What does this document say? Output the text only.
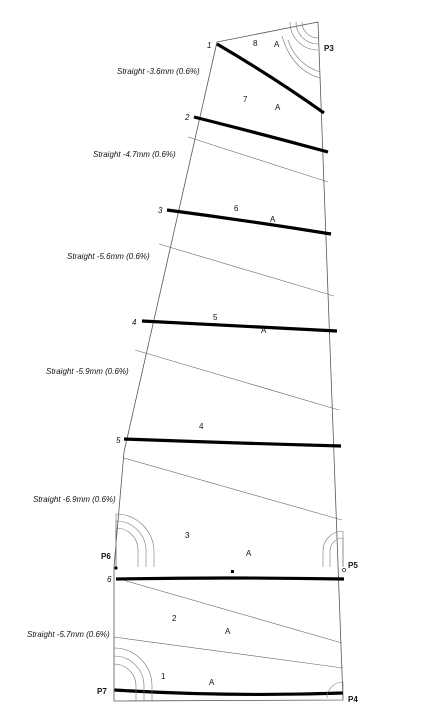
P3
P6
P5
P7
P4
1
2
3
4
5
6
8
7
6
5
4
3
2
1
A
A
A
A
A
A
A
Straight -3.6mm (0.6%)
Straight -4.7mm (0.6%)
Straight -5.6mm (0.6%)
Straight -5.9mm (0.6%)
Straight -6.9mm (0.6%)
Straight -5.7mm (0.6%)
